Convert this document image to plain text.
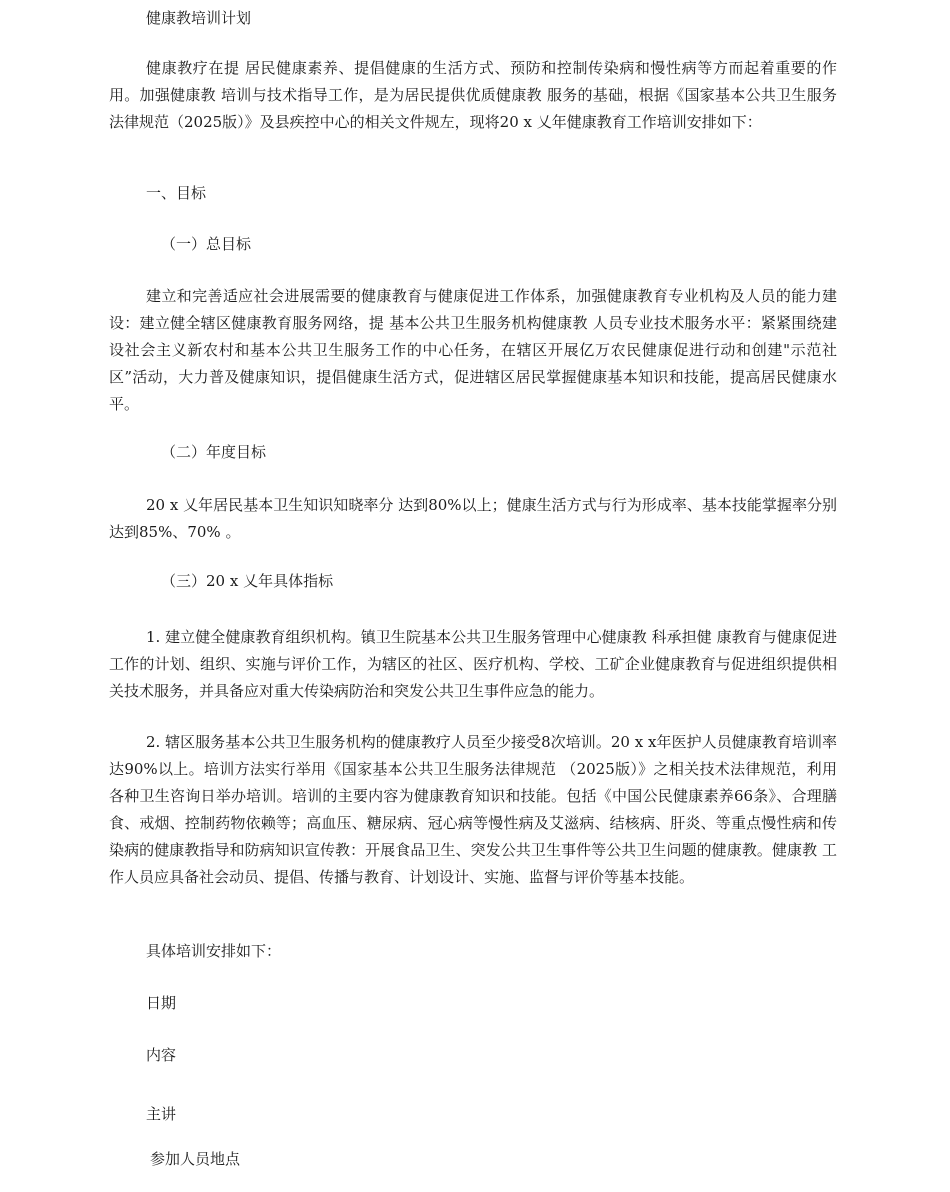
健康教培训计划

健康教疗在提 居民健康素养、提倡健康的生活方式、预防和控制传染病和慢性病等方而起着重要的作用。加强健康教 培训与技术指导工作，是为居民提供优质健康教 服务的基础，根据《国家基本公共卫生服务法律规范（2025版）》及县疾控中心的相关文件规左，现将20 x 乂年健康教育工作培训安排如下：

一、目标

（一）总目标

建立和完善适应社会进展需要的健康教育与健康促进工作体系，加强健康教育专业机构及人员的能力建设：建立健全辖区健康教育服务网络，提 基本公共卫生服务机构健康教 人员专业技术服务水平：紧紧围绕建设社会主义新农村和基本公共卫生服务工作的中心任务，在辖区开展亿万农民健康促进行动和创建"示范社区”活动，大力普及健康知识，提倡健康生活方式，促进辖区居民掌握健康基本知识和技能，提高居民健康水平。

（二）年度目标

20 x 乂年居民基本卫生知识知晓率分 达到80%以上；健康生活方式与行为形成率、基本技能掌握率分别达到85%、70% 。

（三）20 x 乂年具体指标

1. 建立健全健康教育组织机构。镇卫生院基本公共卫生服务管理中心健康教 科承担健 康教育与健康促进工作的计划、组织、实施与评价工作，为辖区的社区、医疗机构、学校、工矿企业健康教育与促进组织提供相关技术服务，并具备应对重大传染病防治和突发公共卫生事件应急的能力。

2. 辖区服务基本公共卫生服务机构的健康教疗人员至少接受8次培训。20 x x年医护人员健康教育培训率达90%以上。培训方法实行举用《国家基本公共卫生服务法律规范 （2025版）》之相关技术法律规范，利用各种卫生咨询日举办培训。培训的主要内容为健康教育知识和技能。包括《中国公民健康素养66条》、合理膳食、戒烟、控制药物依赖等；高血压、糖尿病、冠心病等慢性病及艾滋病、结核病、肝炎、等重点慢性病和传染病的健康教指导和防病知识宣传教：开展食品卫生、突发公共卫生事件等公共卫生问题的健康教。健康教 工作人员应具备社会动员、提倡、传播与教育、计划设计、实施、监督与评价等基本技能。

具体培训安排如下：

日期

内容

主讲

参加人员地点
